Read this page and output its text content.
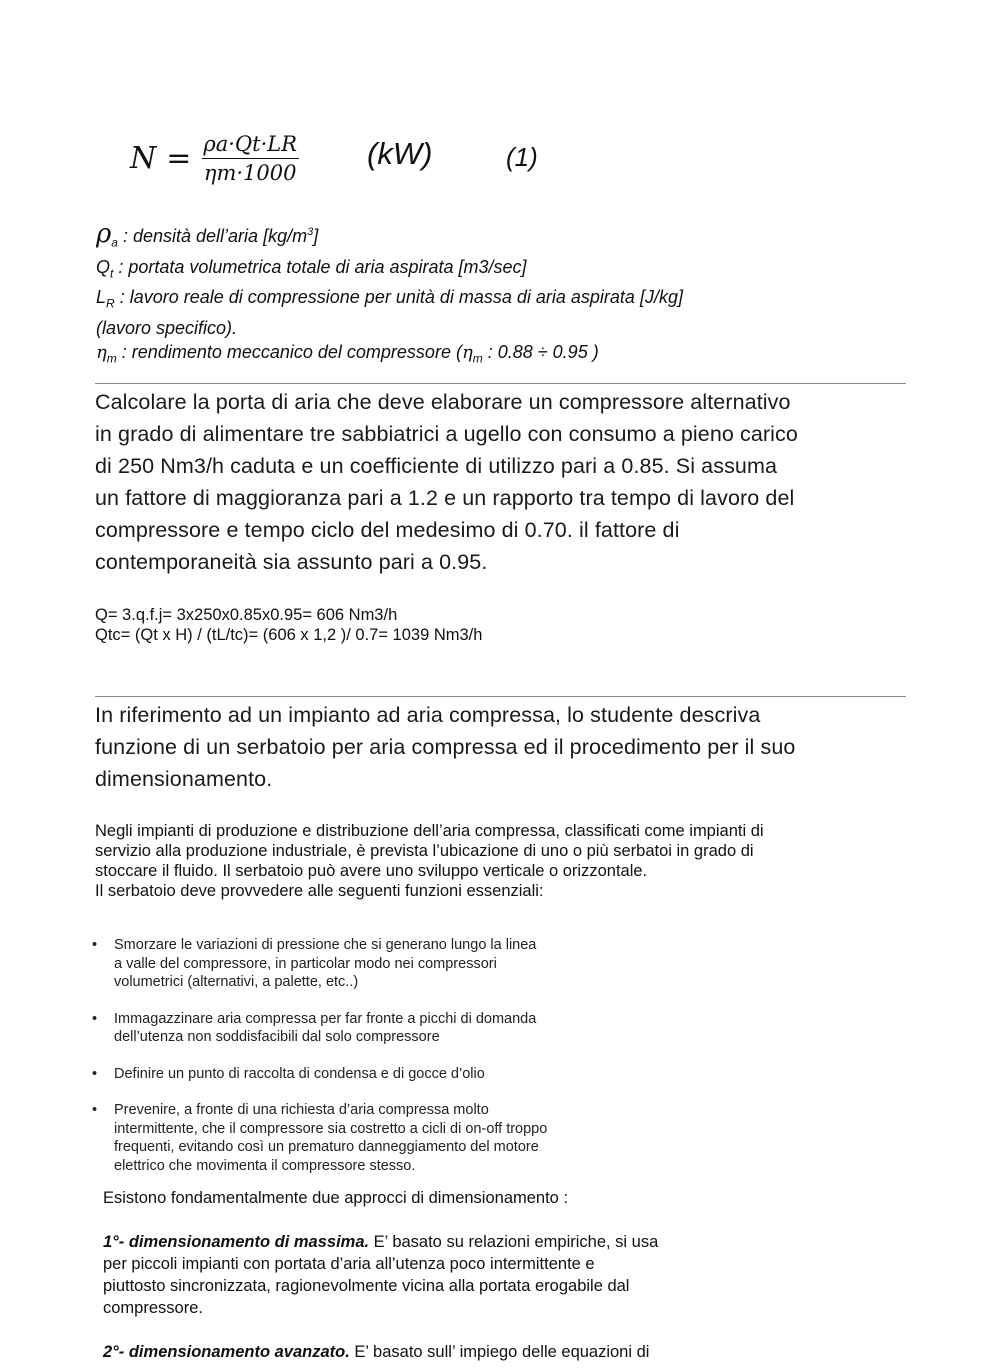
$N = \frac{\rho a\cdot Qt\cdot LR}{\eta m\cdot 1000} (kW)$	(1)
$\rho_a$ : densità dell’aria $[kg/m^3]$
$Q_t$ : portata volumetrica totale di aria aspirata [m3/sec]
$L_R$ : lavoro reale di compressione per unità di massa di aria aspirata [J/kg]
(lavoro specifico).
$\eta_m$ : rendimento meccanico del compressore ($\eta_m$ : 0.88 ÷ 0.95 )
Calcolare la porta di aria che deve elaborare un compressore alternativo
in grado di alimentare tre sabbiatrici a ugello con consumo a pieno carico
di 250 Nm3/h caduta e un coefficiente di utilizzo pari a 0.85. Si assuma
un fattore di maggioranza pari a 1.2 e un rapporto tra tempo di lavoro del
compressore e tempo ciclo del medesimo di 0.70. il fattore di
contemporaneità sia assunto pari a 0.95.
Q= 3.q.f.j= 3x250x0.85x0.95= 606 Nm3/h
Qtc= (Qt x H) / (tL/tc)= (606 x 1,2 )/ 0.7= 1039 Nm3/h
In riferimento ad un impianto ad aria compressa, lo studente descriva
funzione di un serbatoio per aria compressa ed il procedimento per il suo
dimensionamento.
Negli impianti di produzione e distribuzione dell’aria compressa, classificati come impianti di
servizio alla produzione industriale, è prevista l’ubicazione di uno o più serbatoi in grado di
stoccare il fluido. Il serbatoio può avere uno sviluppo verticale o orizzontale.
Il serbatoio deve provvedere alle seguenti funzioni essenziali:
• Smorzare le variazioni di pressione che si generano lungo la linea
a valle del compressore, in particolar modo nei compressori
volumetrici (alternativi, a palette, etc..)
• Immagazzinare aria compressa per far fronte a picchi di domanda
dell’utenza non soddisfacibili dal solo compressore
• Definire un punto di raccolta di condensa e di gocce d’olio
• Prevenire, a fronte di una richiesta d’aria compressa molto
intermittente, che il compressore sia costretto a cicli di on-off troppo
frequenti, evitando così un prematuro danneggiamento del motore
elettrico che movimenta il compressore stesso.
Esistono fondamentalmente due approcci di dimensionamento :
1°- dimensionamento di massima. E’ basato su relazioni empiriche, si usa
per piccoli impianti con portata d’aria all’utenza poco intermittente e
piuttosto sincronizzata, ragionevolmente vicina alla portata erogabile dal
compressore.
2°- dimensionamento avanzato. E’ basato sull’ impiego delle equazioni di
